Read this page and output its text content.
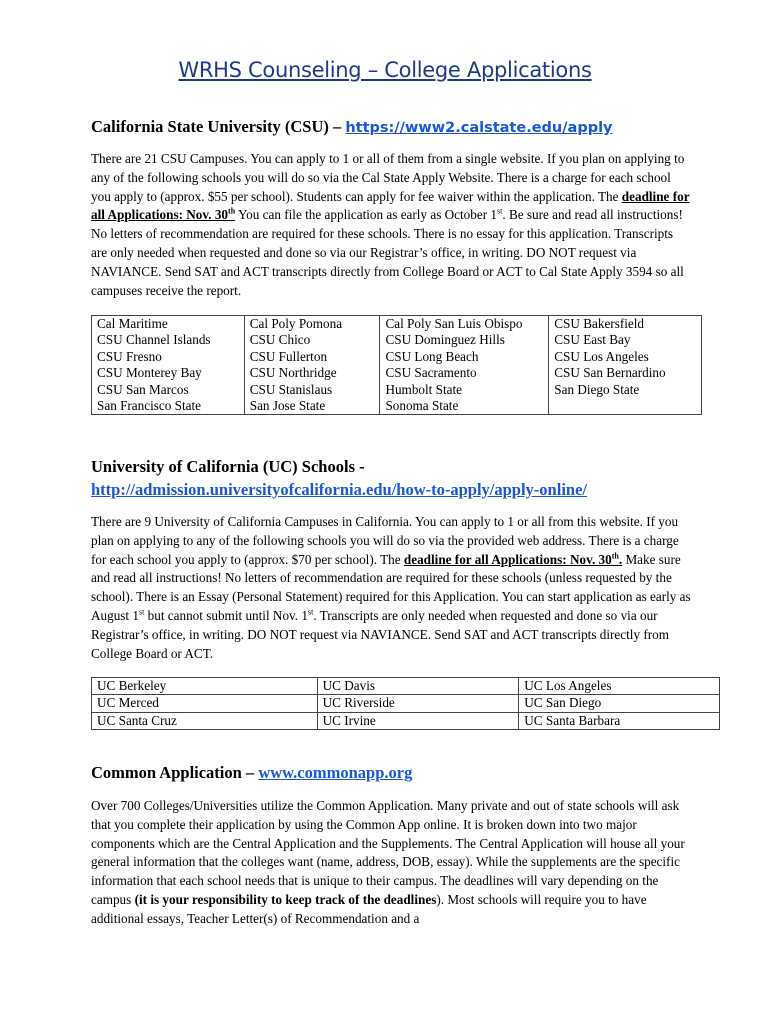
WRHS Counseling – College Applications
California State University (CSU) – https://www2.calstate.edu/apply

There are 21 CSU Campuses. You can apply to 1 or all of them from a single website. If you plan on applying to any of the following schools you will do so via the Cal State Apply Website. There is a charge for each school you apply to (approx. $55 per school). Students can apply for fee waiver within the application. The deadline for all Applications: Nov. 30th You can file the application as early as October 1st. Be sure and read all instructions! No letters of recommendation are required for these schools. There is no essay for this application. Transcripts are only needed when requested and done so via our Registrar’s office, in writing. DO NOT request via NAVIANCE. Send SAT and ACT transcripts directly from College Board or ACT to Cal State Apply 3594 so all campuses receive the report.

Cal Maritime	Cal Poly Pomona	Cal Poly San Luis Obispo	CSU Bakersfield
CSU Channel Islands	CSU Chico	CSU Dominguez Hills	CSU East Bay
CSU Fresno	CSU Fullerton	CSU Long Beach	CSU Los Angeles
CSU Monterey Bay	CSU Northridge	CSU Sacramento	CSU San Bernardino
CSU San Marcos	CSU Stanislaus	Humbolt State	San Diego State
San Francisco State	San Jose State	Sonoma State	
University of California (UC) Schools -
http://admission.universityofcalifornia.edu/how-to-apply/apply-online/

There are 9 University of California Campuses in California. You can apply to 1 or all from this website. If you plan on applying to any of the following schools you will do so via the provided web address. There is a charge for each school you apply to (approx. $70 per school). The deadline for all Applications: Nov. 30th. Make sure and read all instructions! No letters of recommendation are required for these schools (unless requested by the school). There is an Essay (Personal Statement) required for this Application. You can start application as early as August 1st but cannot submit until Nov. 1st. Transcripts are only needed when requested and done so via our Registrar’s office, in writing. DO NOT request via NAVIANCE. Send SAT and ACT transcripts directly from College Board or ACT.

UC Berkeley	UC Davis	UC Los Angeles
UC Merced	UC Riverside	UC San Diego
UC Santa Cruz	UC Irvine	UC Santa Barbara
Common Application – www.commonapp.org

Over 700 Colleges/Universities utilize the Common Application. Many private and out of state schools will ask that you complete their application by using the Common App online. It is broken down into two major components which are the Central Application and the Supplements. The Central Application will house all your general information that the colleges want (name, address, DOB, essay). While the supplements are the specific information that each school needs that is unique to their campus. The deadlines will vary depending on the campus (it is your responsibility to keep track of the deadlines). Most schools will require you to have additional essays, Teacher Letter(s) of Recommendation and a
